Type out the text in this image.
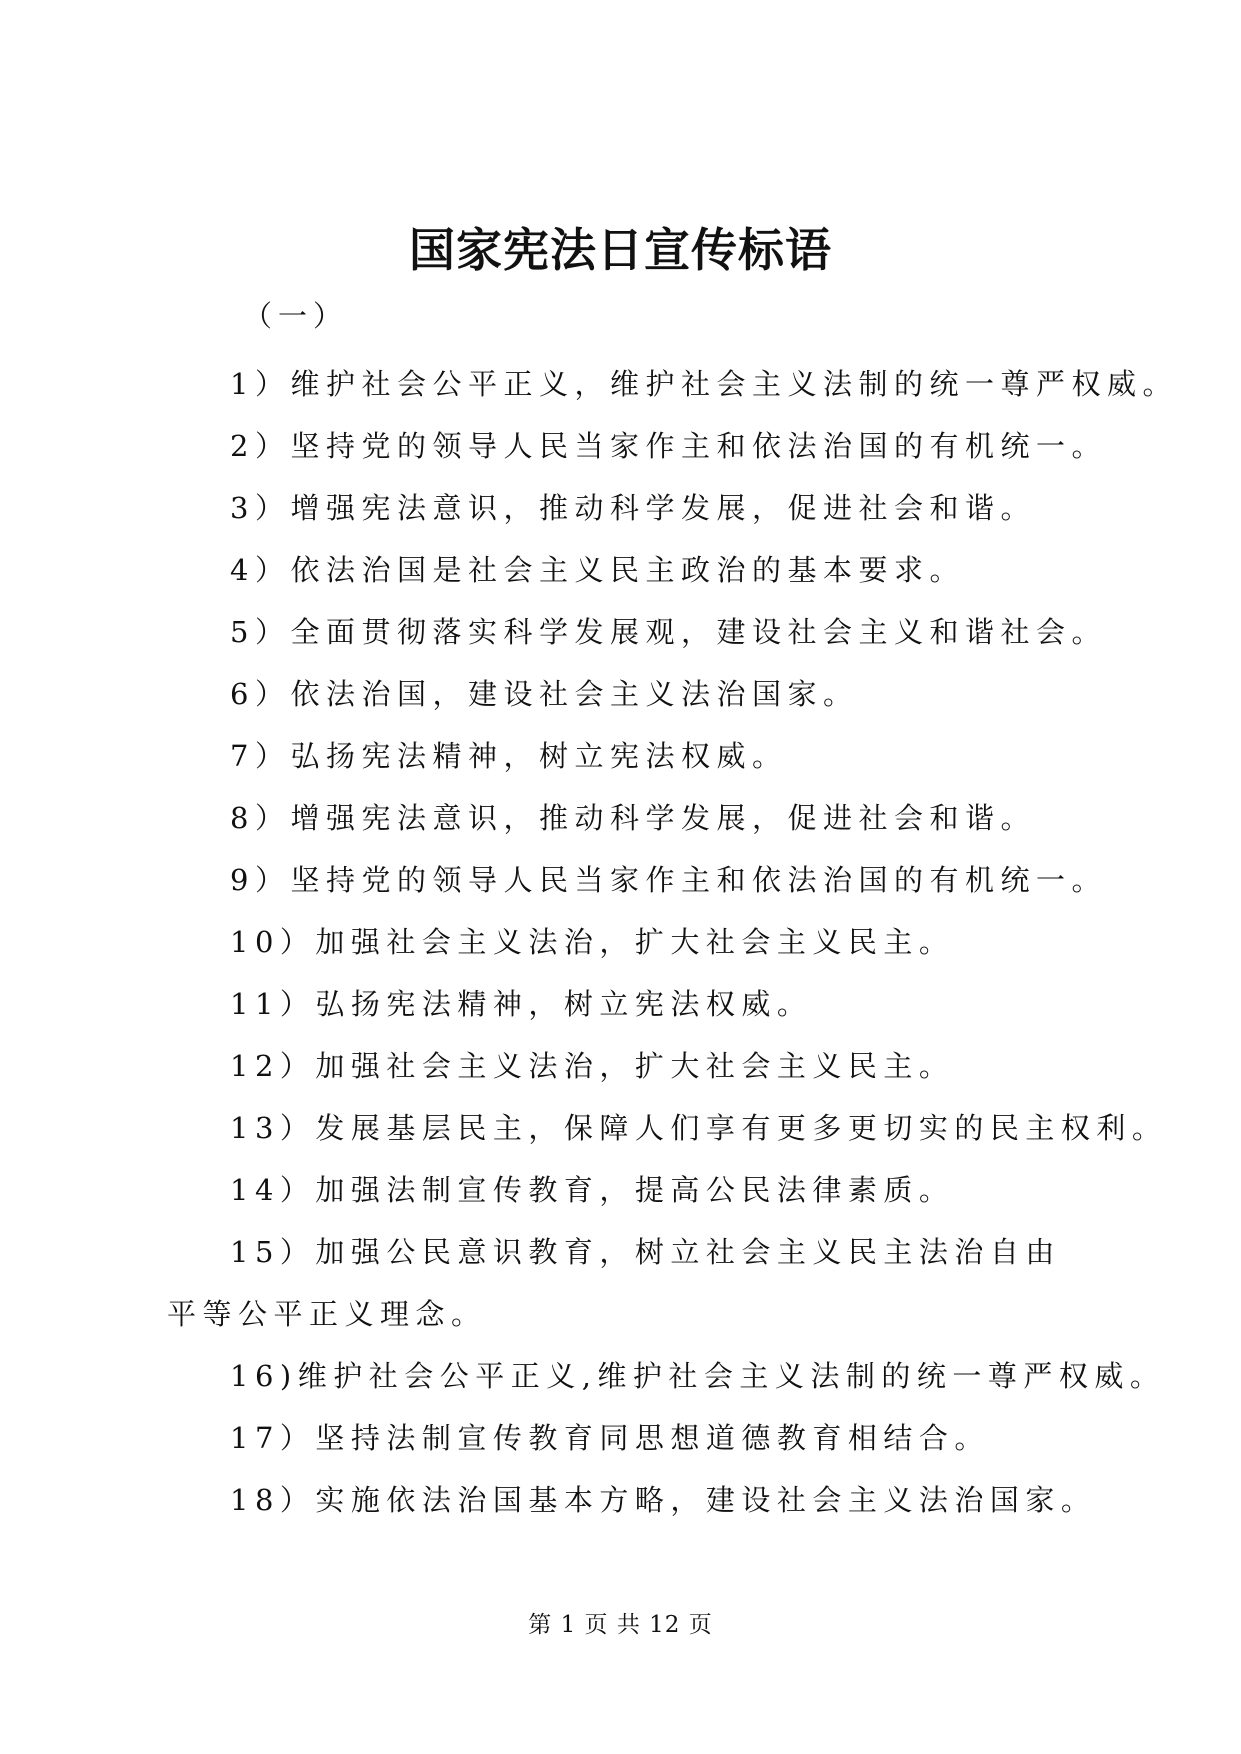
国家宪法日宣传标语
（一）
1）维护社会公平正义，维护社会主义法制的统一尊严权威。
2）坚持党的领导人民当家作主和依法治国的有机统一。
3）增强宪法意识，推动科学发展，促进社会和谐。
4）依法治国是社会主义民主政治的基本要求。
5）全面贯彻落实科学发展观，建设社会主义和谐社会。
6）依法治国，建设社会主义法治国家。
7）弘扬宪法精神，树立宪法权威。
8）增强宪法意识，推动科学发展，促进社会和谐。
9）坚持党的领导人民当家作主和依法治国的有机统一。
10）加强社会主义法治，扩大社会主义民主。
11）弘扬宪法精神，树立宪法权威。
12）加强社会主义法治，扩大社会主义民主。
13）发展基层民主，保障人们享有更多更切实的民主权利。
14）加强法制宣传教育，提高公民法律素质。
15）加强公民意识教育，树立社会主义民主法治自由平等公平正义理念。
16)维护社会公平正义,维护社会主义法制的统一尊严权威。
17）坚持法制宣传教育同思想道德教育相结合。
18）实施依法治国基本方略，建设社会主义法治国家。
第 1 页 共 12 页
